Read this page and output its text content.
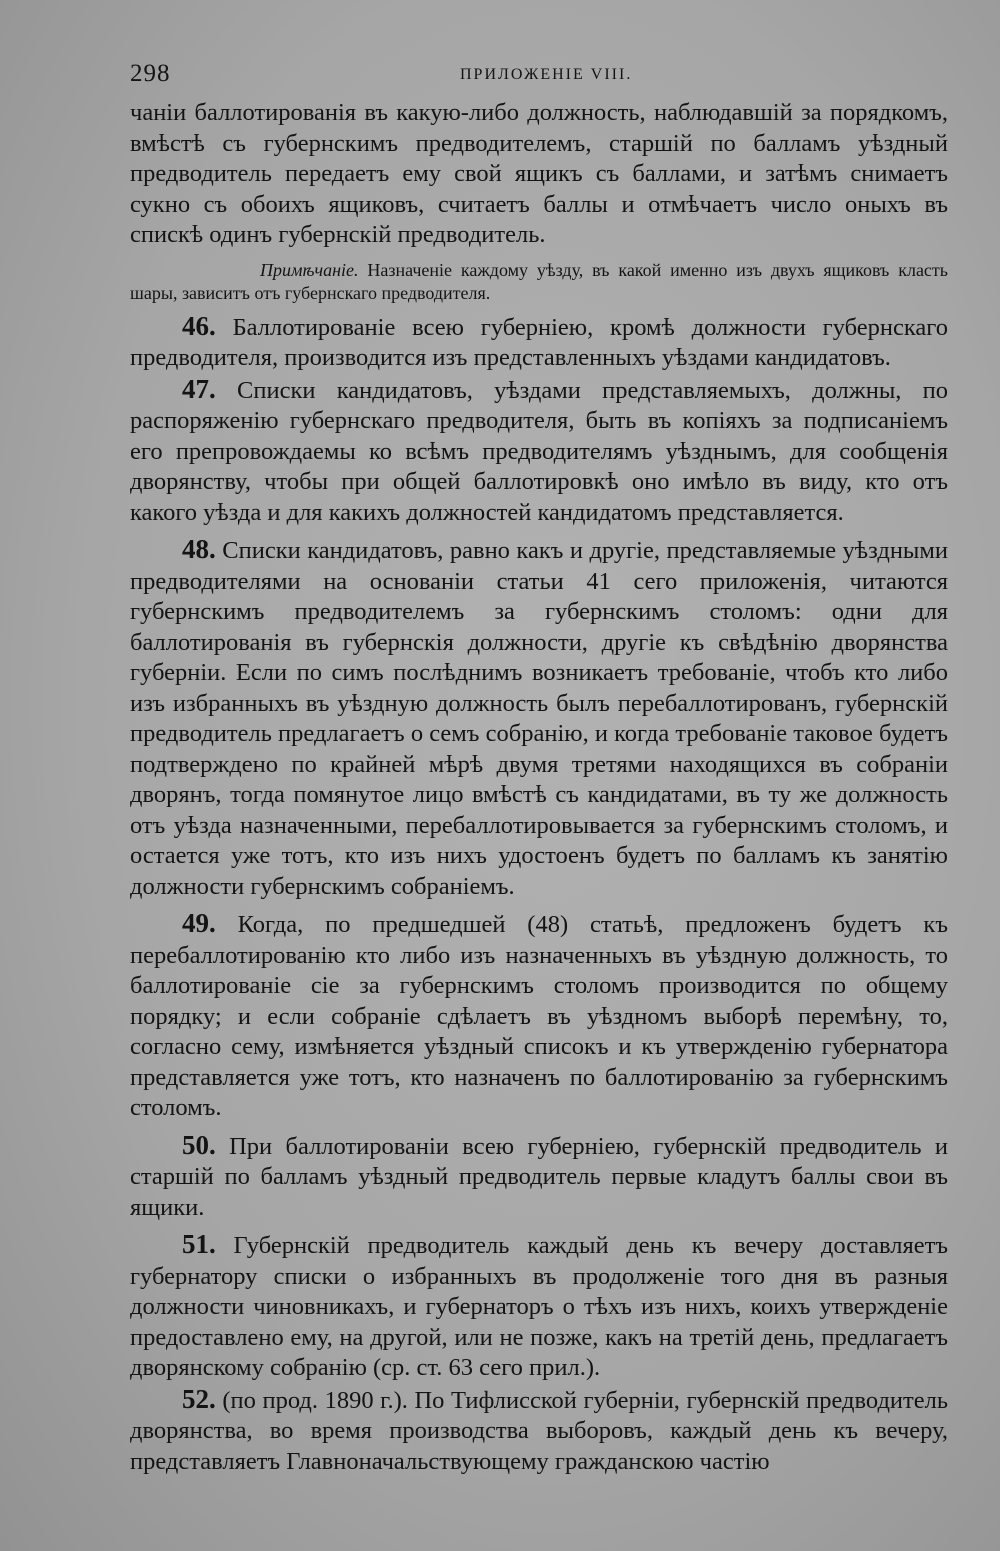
298	ПРИЛОЖЕНІЕ VIII.

чаніи баллотированія въ какую-либо должность, наблюдавшій за порядкомъ, вмѣстѣ съ губернскимъ предводителемъ, старшій по балламъ уѣздный предводитель передаетъ ему свой ящикъ съ баллами, и затѣмъ снимаетъ сукно съ обоихъ ящиковъ, считаетъ баллы и отмѣчаетъ число оныхъ въ спискѣ одинъ губернскій предводитель.

Примѣчаніе. Назначеніе каждому уѣзду, въ какой именно изъ двухъ ящиковъ класть шары, зависитъ отъ губернскаго предводителя.

46. Баллотированіе всею губерніею, кромѣ должности губернскаго предводителя, производится изъ представленныхъ уѣздами кандидатовъ.

47. Списки кандидатовъ, уѣздами представляемыхъ, должны, по распоряженію губернскаго предводителя, быть въ копіяхъ за подписаніемъ его препровождаемы ко всѣмъ предводителямъ уѣзднымъ, для сообщенія дворянству, чтобы при общей баллотировкѣ оно имѣло въ виду, кто отъ какого уѣзда и для какихъ должностей кандидатомъ представляется.

48. Списки кандидатовъ, равно какъ и другіе, представляемые уѣздными предводителями на основаніи статьи 41 сего приложенія, читаются губернскимъ предводителемъ за губернскимъ столомъ: одни для баллотированія въ губернскія должности, другіе къ свѣдѣнію дворянства губерніи. Если по симъ послѣднимъ возникаетъ требованіе, чтобъ кто либо изъ избранныхъ въ уѣздную должность былъ перебаллотированъ, губернскій предводитель предлагаетъ о семъ собранію, и когда требованіе таковое будетъ подтверждено по крайней мѣрѣ двумя третями находящихся въ собраніи дворянъ, тогда помянутое лицо вмѣстѣ съ кандидатами, въ ту же должность отъ уѣзда назначенными, перебаллотировывается за губернскимъ столомъ, и остается уже тотъ, кто изъ нихъ удостоенъ будетъ по балламъ къ занятію должности губернскимъ собраніемъ.

49. Когда, по предшедшей (48) статьѣ, предложенъ будетъ къ перебаллотированію кто либо изъ назначенныхъ въ уѣздную должность, то баллотированіе сіе за губернскимъ столомъ производится по общему порядку; и если собраніе сдѣлаетъ въ уѣздномъ выборѣ перемѣну, то, согласно сему, измѣняется уѣздный списокъ и къ утвержденію губернатора представляется уже тотъ, кто назначенъ по баллотированію за губернскимъ столомъ.

50. При баллотированіи всею губерніею, губернскій предводитель и старшій по балламъ уѣздный предводитель первые кладутъ баллы свои въ ящики.

51. Губернскій предводитель каждый день къ вечеру доставляетъ губернатору списки о избранныхъ въ продолженіе того дня въ разныя должности чиновникахъ, и губернаторъ о тѣхъ изъ нихъ, коихъ утвержденіе предоставлено ему, на другой, или не позже, какъ на третій день, предлагаетъ дворянскому собранію (ср. ст. 63 сего прил.).

52. (по прод. 1890 г.). По Тифлисской губерніи, губернскій предводитель дворянства, во время производства выборовъ, каждый день къ вечеру, представляетъ Главноначальствующему гражданскою частію
